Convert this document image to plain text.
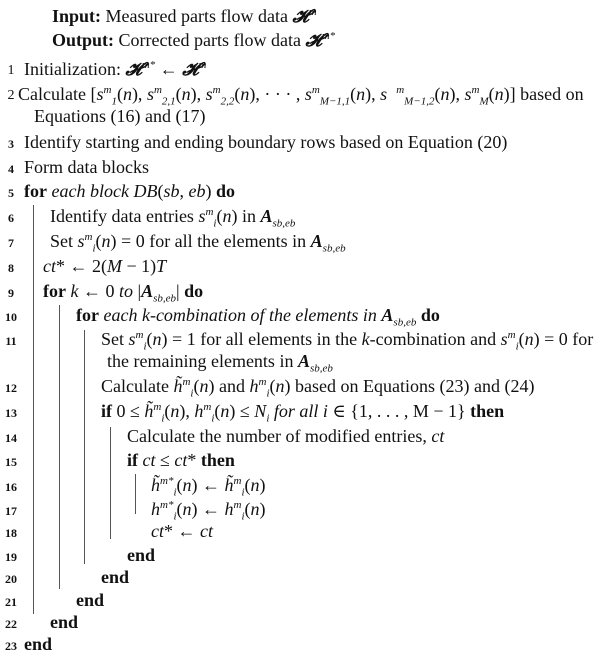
Input: Measured parts flow data 𝓗$^m$
Output: Corrected parts flow data 𝓗$^{m*}$
1 Initialization: 𝓗$^{m*}$ ← 𝓗$^m$
2 Calculate [$s^m_1(n)$, $s^m_{2,1}(n)$, $s^m_{2,2}(n)$, · · · , $s^m_{M-1,1}(n)$, s $^m_{M-1,2}$(n), $s^m_M(n)$] based on
Equations (16) and (17)
3 Identify starting and ending boundary rows based on Equation (20)
4 Form data blocks
5 for each block DB(sb, eb) do
6	Identify data entries $s^m_i(n)$ in $A_{sb,eb}$
7	Set $s^m_i(n) = 0$ for all the elements in $A_{sb,eb}$
8	ct* ← 2(M − 1)T
9	for k ← 0 to $|A_{sb,eb}|$ do
10	for each k-combination of the elements in $A_{sb,eb}$ do
11	Set $s^m_i(n) = 1$ for all elements in the k-combination and $s^m_i(n) = 0$ for
the remaining elements in $A_{sb,eb}$
12	Calculate h̃$^m_i$(n) and $h^m_i(n)$ based on Equations (23) and (24)
13	if 0 ≤ h̃$^m_i$(n), $h^m_i(n) \le N_i$ for all i ∈ {1, . . . , M − 1} then
14	Calculate the number of modified entries, ct
15	if ct ≤ ct* then
16	h̃$^{m*}_i$(n) ← h̃$^m_i$(n)
17	$h^{m*}_i(n)$ ← $h^m_i(n)$
18	ct* ← ct
19	end
20	end
21	end
22 end
23 end
